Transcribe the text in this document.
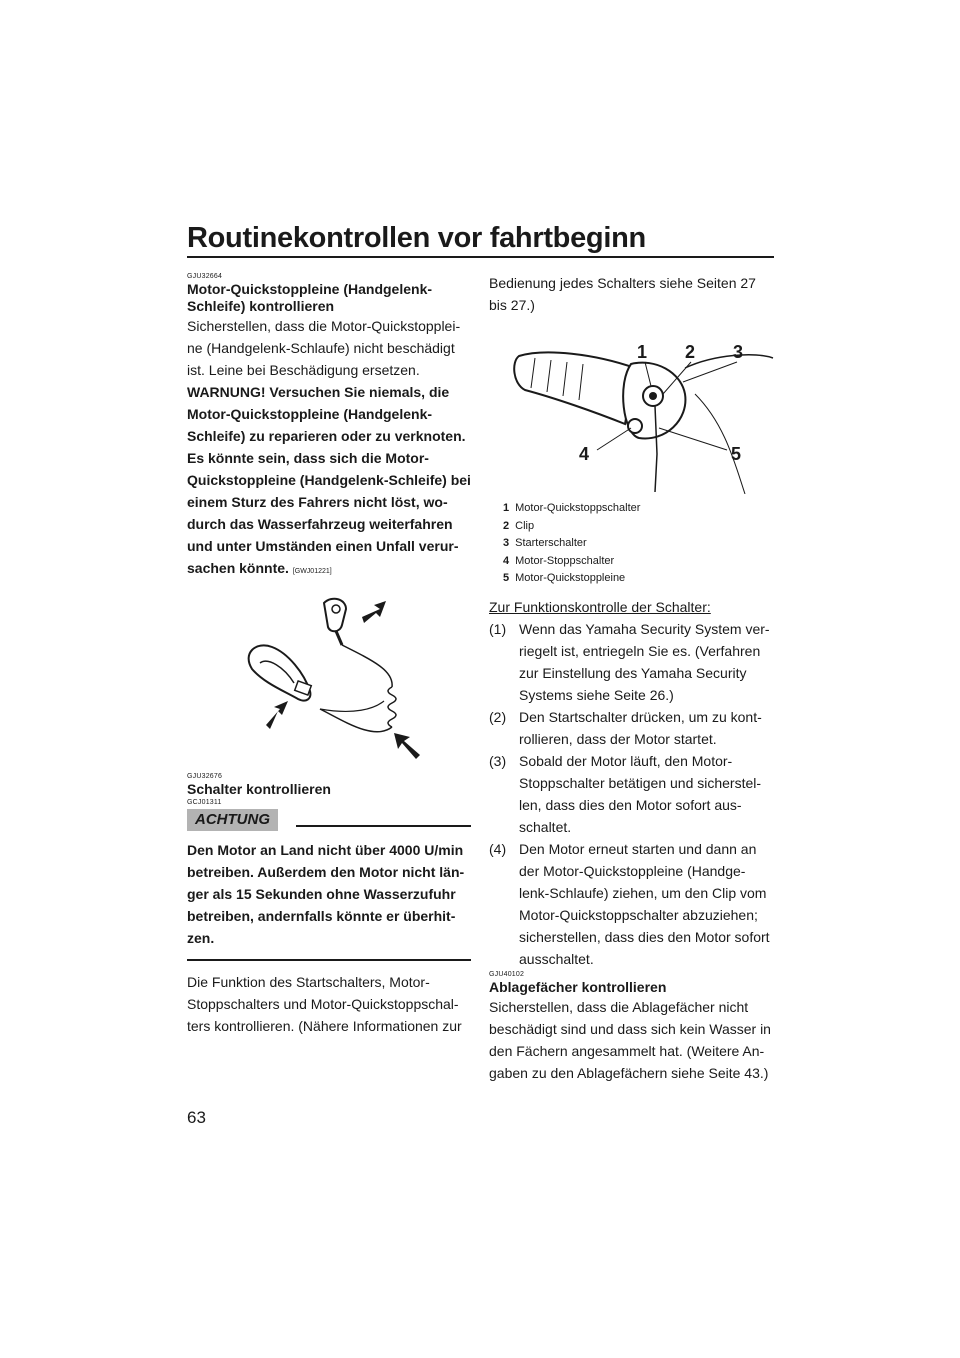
Routinekontrollen vor fahrtbeginn
GJU32664
Motor-Quickstoppleine (Handgelenk-Schleife) kontrollieren

Sicherstellen, dass die Motor-Quickstopplei-ne (Handgelenk-Schlaufe) nicht beschädigt ist. Leine bei Beschädigung ersetzen.

WARNUNG! Versuchen Sie niemals, die Motor-Quickstoppleine (Handgelenk-Schleife) zu reparieren oder zu verknoten. Es könnte sein, dass sich die Motor-Quickstoppleine (Handgelenk-Schleife) bei einem Sturz des Fahrers nicht löst, wo-durch das Wasserfahrzeug weiterfahren und unter Umständen einen Unfall verur-sachen könnte. [GWJ01221]

GJU32676
Schalter kontrollieren
GCJ01311
ACHTUNG

Den Motor an Land nicht über 4000 U/min betreiben. Außerdem den Motor nicht län-ger als 15 Sekunden ohne Wasserzufuhr betreiben, andernfalls könnte er überhit-zen.

Die Funktion des Startschalters, Motor-Stoppschalters und Motor-Quickstoppschal-ters kontrollieren. (Nähere Informationen zur

Bedienung jedes Schalters siehe Seiten 27 bis 27.)

1 2 3
4	5
1 Motor-Quickstoppschalter
2 Clip
3 Starterschalter
4 Motor-Stoppschalter
5 Motor-Quickstoppleine

Zur Funktionskontrolle der Schalter:

(1) Wenn das Yamaha Security System ver-riegelt ist, entriegeln Sie es. (Verfahren zur Einstellung des Yamaha Security Systems siehe Seite 26.)
(2) Den Startschalter drücken, um zu kont-rollieren, dass der Motor startet.
(3) Sobald der Motor läuft, den Motor-Stoppschalter betätigen und sicherstel-len, dass dies den Motor sofort aus-schaltet.
(4) Den Motor erneut starten und dann an der Motor-Quickstoppleine (Handge-lenk-Schlaufe) ziehen, um den Clip vom Motor-Quickstoppschalter abzuziehen; sicherstellen, dass dies den Motor sofort ausschaltet.
GJU40102
Ablagefächer kontrollieren

Sicherstellen, dass die Ablagefächer nicht beschädigt sind und dass sich kein Wasser in den Fächern angesammelt hat. (Weitere An-gaben zu den Ablagefächern siehe Seite 43.)

63
